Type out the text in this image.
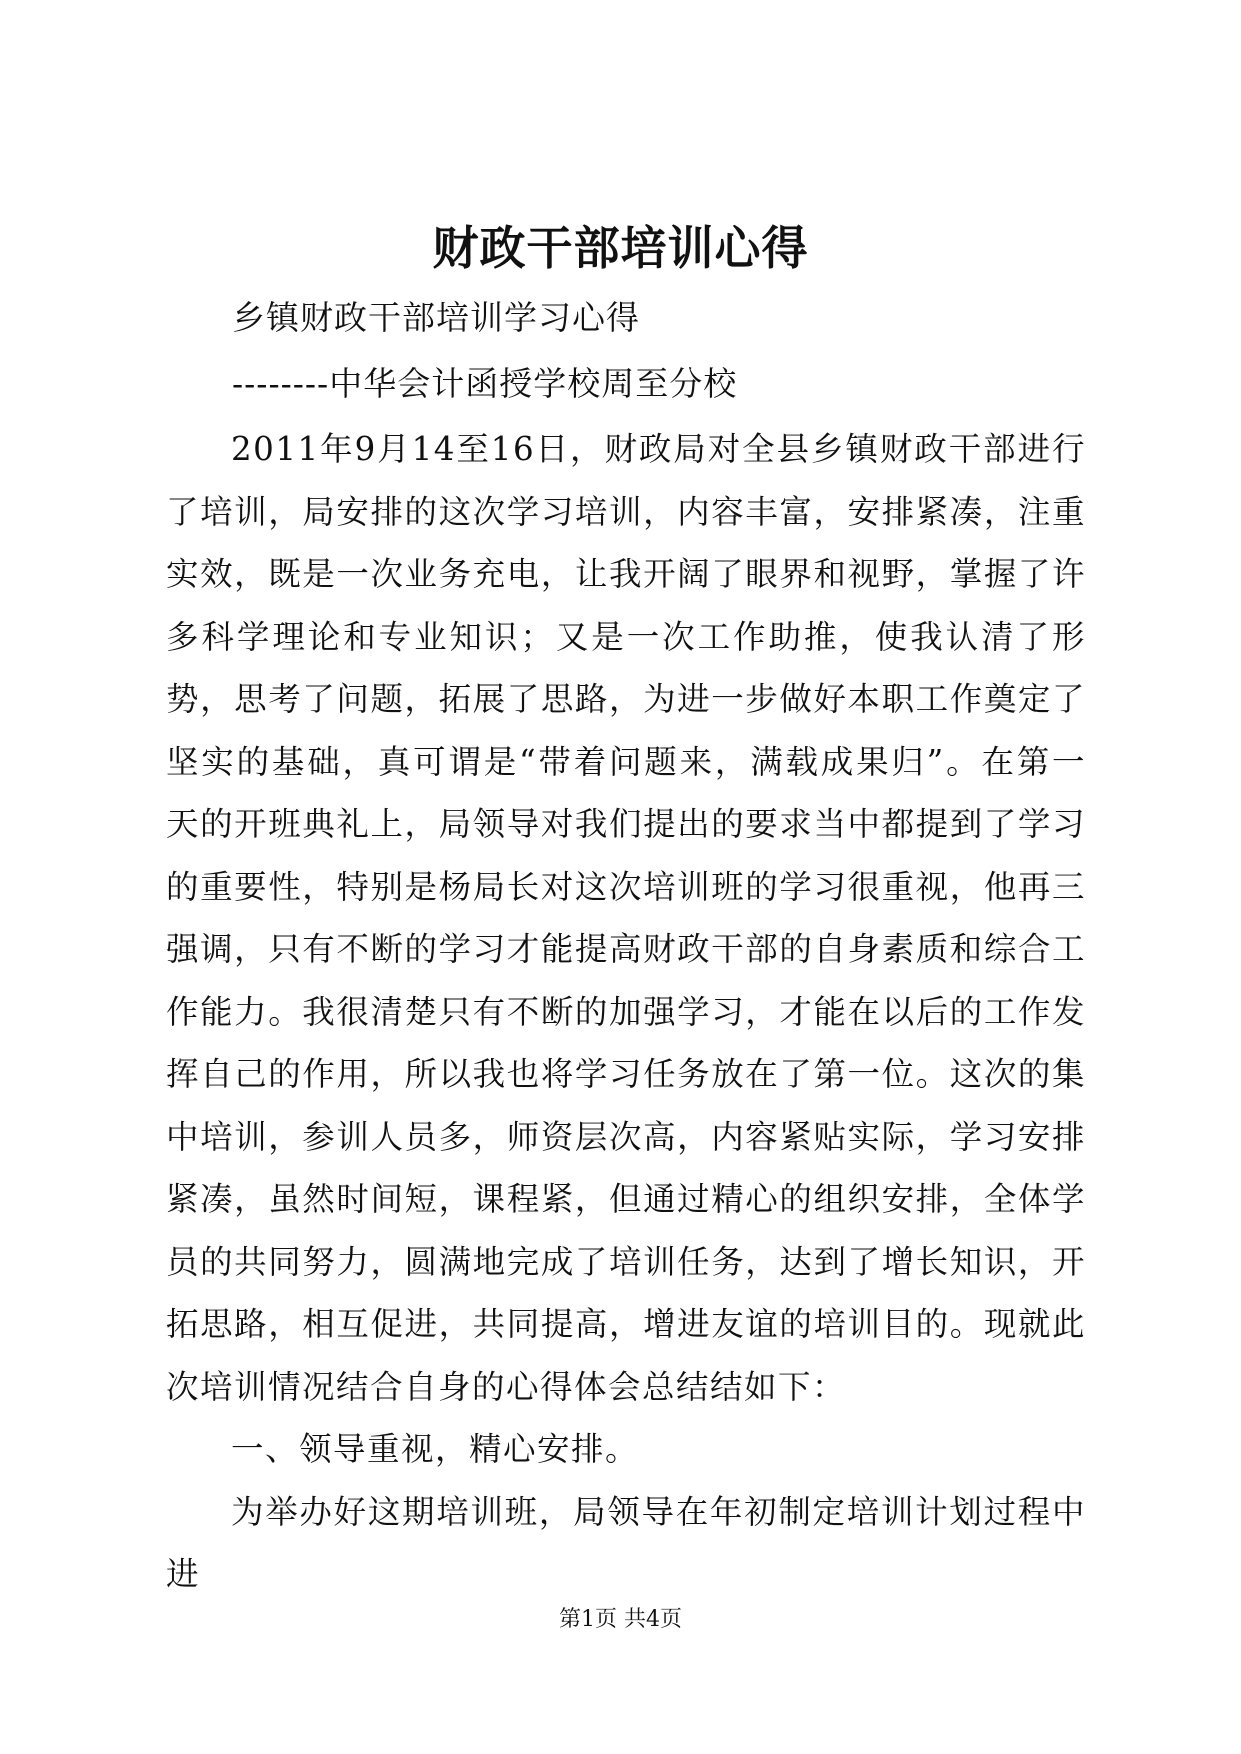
财政干部培训心得
乡镇财政干部培训学习心得
--------中华会计函授学校周至分校

2011年9月14至16日，财政局对全县乡镇财政干部进行了培训，局安排的这次学习培训，内容丰富，安排紧凑，注重实效，既是一次业务充电，让我开阔了眼界和视野，掌握了许多科学理论和专业知识；又是一次工作助推，使我认清了形势，思考了问题，拓展了思路，为进一步做好本职工作奠定了坚实的基础，真可谓是“带着问题来，满载成果归”。在第一天的开班典礼上，局领导对我们提出的要求当中都提到了学习的重要性，特别是杨局长对这次培训班的学习很重视，他再三强调，只有不断的学习才能提高财政干部的自身素质和综合工作能力。我很清楚只有不断的加强学习，才能在以后的工作发挥自己的作用，所以我也将学习任务放在了第一位。这次的集中培训，参训人员多，师资层次高，内容紧贴实际，学习安排紧凑，虽然时间短，课程紧，但通过精心的组织安排，全体学员的共同努力，圆满地完成了培训任务，达到了增长知识，开拓思路，相互促进，共同提高，增进友谊的培训目的。现就此次培训情况结合自身的心得体会总结结如下：

一、领导重视，精心安排。

为举办好这期培训班，局领导在年初制定培训计划过程中进

第1页 共4页
